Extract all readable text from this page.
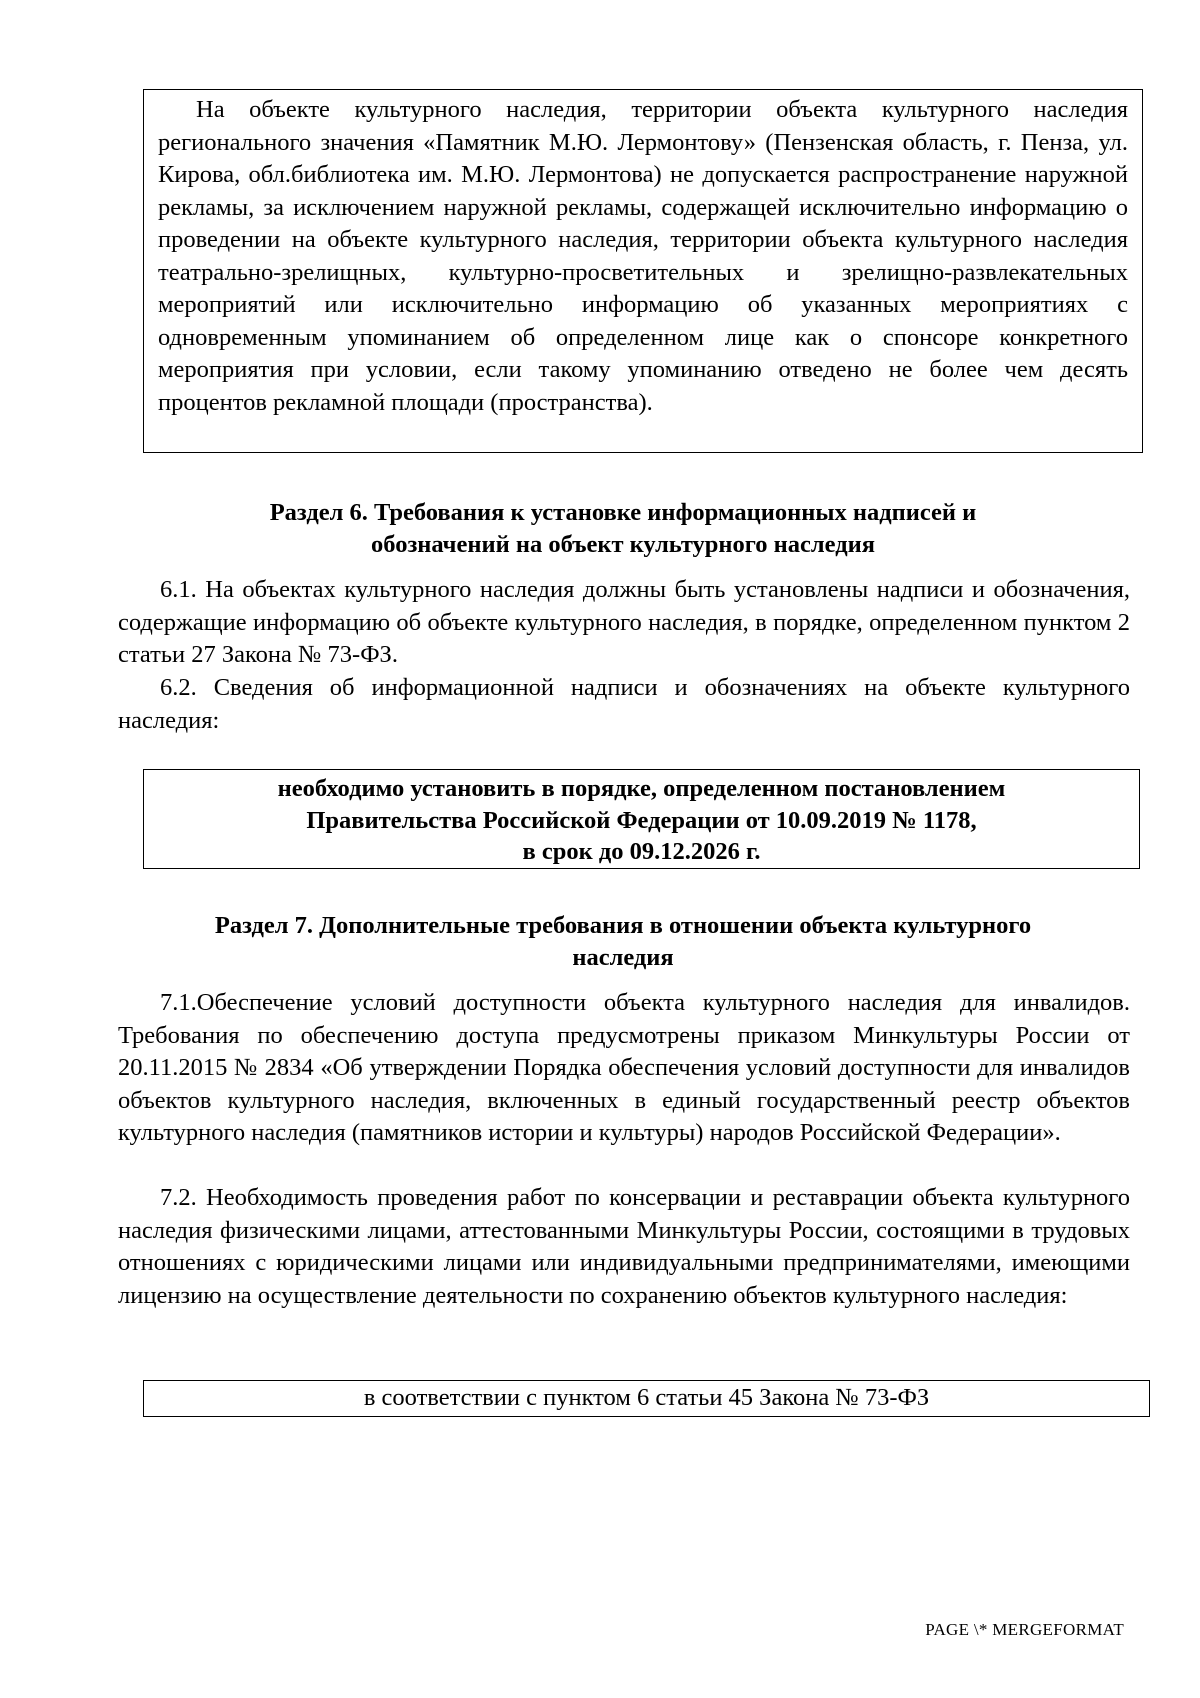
На объекте культурного наследия, территории объекта культурного наследия регионального значения «Памятник М.Ю. Лермонтову» (Пензенская область, г. Пенза, ул. Кирова, обл.библиотека им. М.Ю. Лермонтова) не допускается распространение наружной рекламы, за исключением наружной рекламы, содержащей исключительно информацию о проведении на объекте культурного наследия, территории объекта культурного наследия театрально-зрелищных, культурно-просветительных и зрелищно-развлекательных мероприятий или исключительно информацию об указанных мероприятиях с одновременным упоминанием об определенном лице как о спонсоре конкретного мероприятия при условии, если такому упоминанию отведено не более чем десять процентов рекламной площади (пространства).

Раздел 6. Требования к установке информационных надписей и
обозначений на объект культурного наследия

6.1. На объектах культурного наследия должны быть установлены надписи и обозначения, содержащие информацию об объекте культурного наследия, в порядке, определенном пунктом 2 статьи 27 Закона № 73-ФЗ.

6.2. Сведения об информационной надписи и обозначениях на объекте культурного наследия:

необходимо установить в порядке, определенном постановлением
Правительства Российской Федерации от 10.09.2019 № 1178,
в срок до 09.12.2026 г.
Раздел 7. Дополнительные требования в отношении объекта культурного
наследия

7.1.Обеспечение условий доступности объекта культурного наследия для инвалидов. Требования по обеспечению доступа предусмотрены приказом Минкультуры России от 20.11.2015 № 2834 «Об утверждении Порядка обеспечения условий доступности для инвалидов объектов культурного наследия, включенных в единый государственный реестр объектов культурного наследия (памятников истории и культуры) народов Российской Федерации».

7.2. Необходимость проведения работ по консервации и реставрации объекта культурного наследия физическими лицами, аттестованными Минкультуры России, состоящими в трудовых отношениях с юридическими лицами или индивидуальными предпринимателями, имеющими лицензию на осуществление деятельности по сохранению объектов культурного наследия:

в соответствии с пунктом 6 статьи 45 Закона № 73-ФЗ
PAGE \* MERGEFORMAT
